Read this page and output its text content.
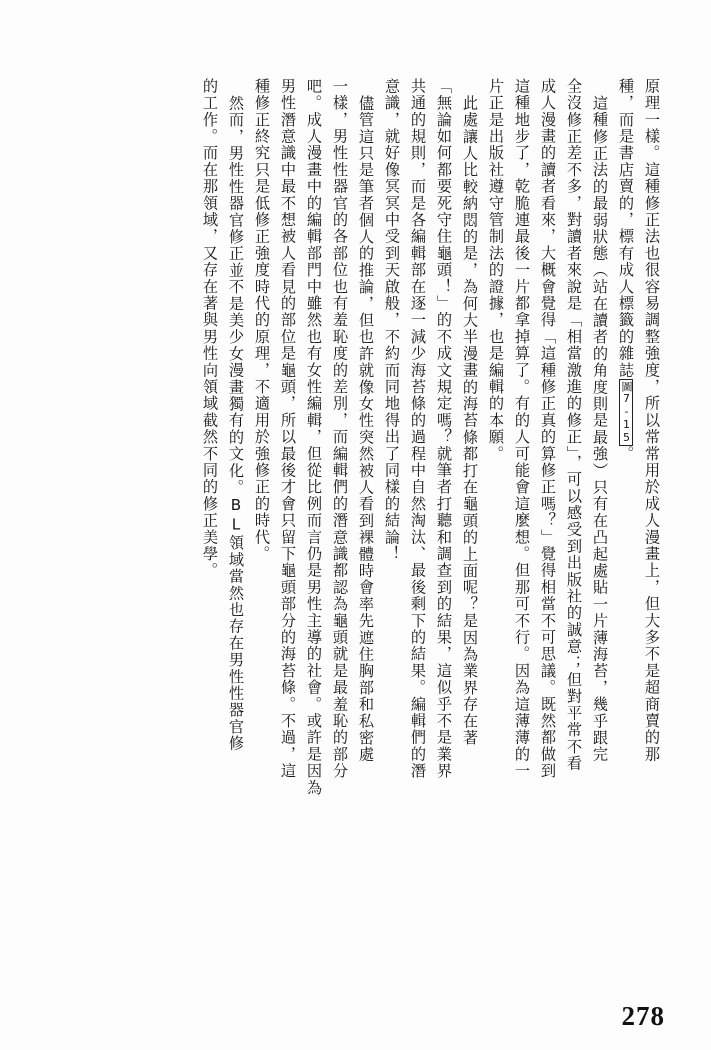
原理一樣。這種修正法也很容易調整強度，所以常常用於成人漫畫上，但大多不是超商賣的那
種，而是書店賣的，標有成人標籤的雜誌圖7-15。
這種修正法的最弱狀態（站在讀者的角度則是最強）只有在凸起處貼一片薄海苔，幾乎跟完
全沒修正差不多，對讀者來說是「相當激進的修正」，可以感受到出版社的誠意；但對平常不看
成人漫畫的讀者看來，大概會覺得「這種修正真的算修正嗎？」覺得相當不可思議。既然都做到
這種地步了，乾脆連最後一片都拿掉算了。有的人可能會這麼想。但那可不行。因為這薄薄的一
片正是出版社遵守管制法的證據，也是編輯的本願。
此處讓人比較納悶的是，為何大半漫畫的海苔條都打在龜頭的上面呢？是因為業界存在著
「無論如何都要死守住龜頭！」的不成文規定嗎？就筆者打聽和調查到的結果，這似乎不是業界
共通的規則，而是各編輯部在逐一減少海苔條的過程中自然淘汰、最後剩下的結果。編輯們的潛
意識，就好像冥冥中受到天啟般，不約而同地得出了同樣的結論！
儘管這只是筆者個人的推論，但也許就像女性突然被人看到裸體時會率先遮住胸部和私密處
一樣，男性性器官的各部位也有羞恥度的差別，而編輯們的潛意識都認為龜頭就是最羞恥的部分
吧。成人漫畫中的編輯部門中雖然也有女性編輯，但從比例而言仍是男性主導的社會。或許是因為
男性潛意識中最不想被人看見的部位是龜頭，所以最後才會只留下龜頭部分的海苔條。不過，這
種修正終究只是低修正強度時代的原理，不適用於強修正的時代。
然而，男性性器官修正並不是美少女漫畫獨有的文化。BL領域當然也存在男性性器官修
的工作。而在那領域，又存在著與男性向領域截然不同的修正美學。
278
